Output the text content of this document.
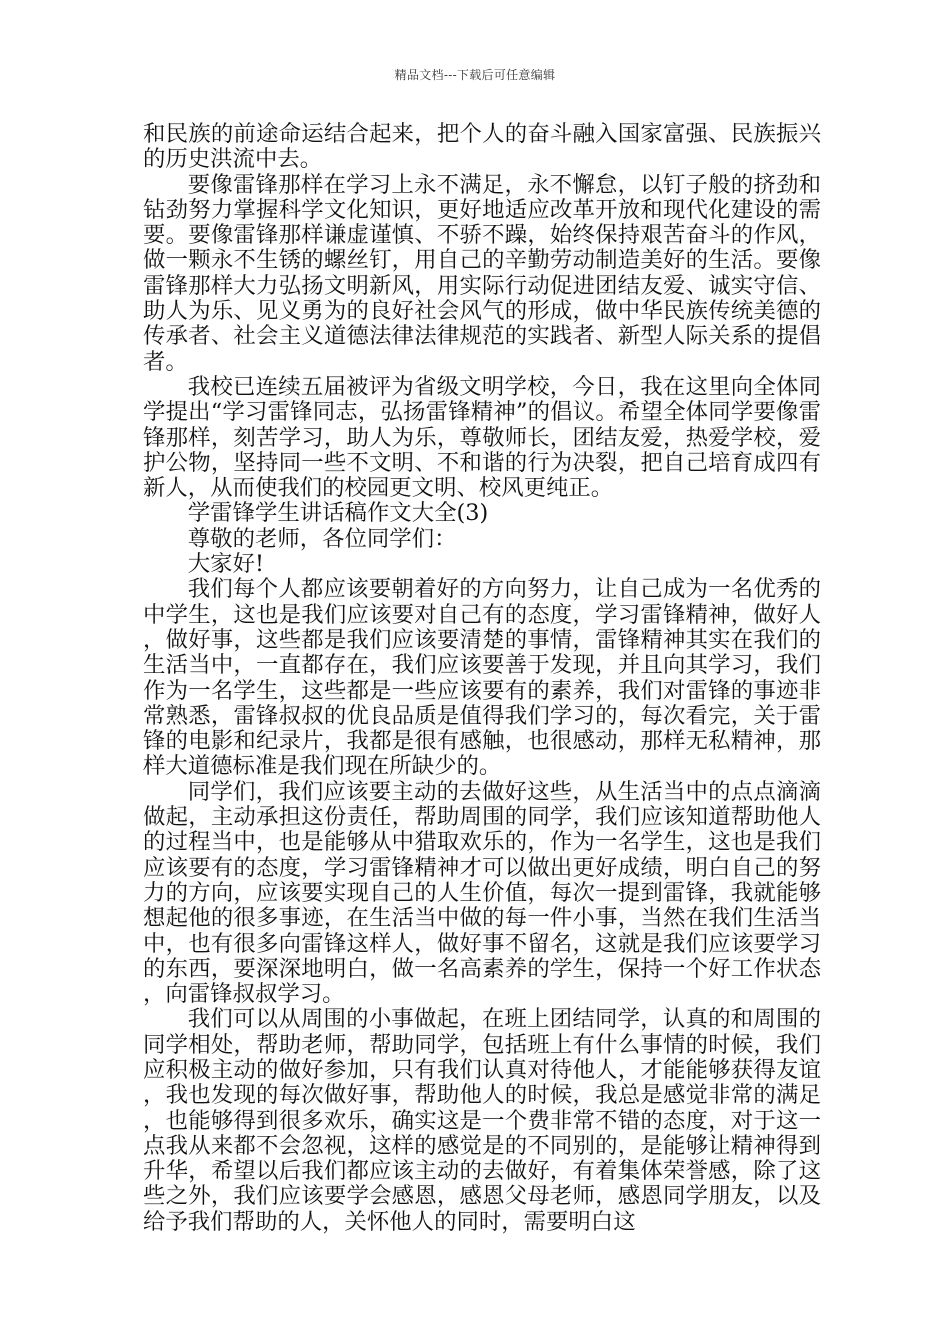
精品文档---下载后可任意编辑

和民族的前途命运结合起来，把个人的奋斗融入国家富强、民族振兴的历史洪流中去。

要像雷锋那样在学习上永不满足，永不懈怠，以钉子般的挤劲和钻劲努力掌握科学文化知识，更好地适应改革开放和现代化建设的需要。要像雷锋那样谦虚谨慎、不骄不躁，始终保持艰苦奋斗的作风，做一颗永不生锈的螺丝钉，用自己的辛勤劳动制造美好的生活。要像雷锋那样大力弘扬文明新风，用实际行动促进团结友爱、诚实守信、助人为乐、见义勇为的良好社会风气的形成，做中华民族传统美德的传承者、社会主义道德法律法律规范的实践者、新型人际关系的提倡者。

我校已连续五届被评为省级文明学校，今日，我在这里向全体同学提出“学习雷锋同志，弘扬雷锋精神”的倡议。希望全体同学要像雷锋那样，刻苦学习，助人为乐，尊敬师长，团结友爱，热爱学校，爱护公物，坚持同一些不文明、不和谐的行为决裂，把自己培育成四有新人，从而使我们的校园更文明、校风更纯正。

学雷锋学生讲话稿作文大全(3)

尊敬的老师，各位同学们：

大家好!

我们每个人都应该要朝着好的方向努力，让自己成为一名优秀的中学生，这也是我们应该要对自己有的态度，学习雷锋精神，做好人，做好事，这些都是我们应该要清楚的事情，雷锋精神其实在我们的生活当中，一直都存在，我们应该要善于发现，并且向其学习，我们作为一名学生，这些都是一些应该要有的素养，我们对雷锋的事迹非常熟悉，雷锋叔叔的优良品质是值得我们学习的，每次看完，关于雷锋的电影和纪录片，我都是很有感触，也很感动，那样无私精神，那样大道德标准是我们现在所缺少的。

同学们，我们应该要主动的去做好这些，从生活当中的点点滴滴做起，主动承担这份责任，帮助周围的同学，我们应该知道帮助他人的过程当中，也是能够从中猎取欢乐的，作为一名学生，这也是我们应该要有的态度，学习雷锋精神才可以做出更好成绩，明白自己的努力的方向，应该要实现自己的人生价值，每次一提到雷锋，我就能够想起他的很多事迹，在生活当中做的每一件小事，当然在我们生活当中，也有很多向雷锋这样人，做好事不留名，这就是我们应该要学习的东西，要深深地明白，做一名高素养的学生，保持一个好工作状态，向雷锋叔叔学习。

我们可以从周围的小事做起，在班上团结同学，认真的和周围的同学相处，帮助老师，帮助同学，包括班上有什么事情的时候，我们应积极主动的做好参加，只有我们认真对待他人，才能能够获得友谊，我也发现的每次做好事，帮助他人的时候，我总是感觉非常的满足，也能够得到很多欢乐，确实这是一个费非常不错的态度，对于这一点我从来都不会忽视，这样的感觉是的不同别的，是能够让精神得到升华，希望以后我们都应该主动的去做好，有着集体荣誉感，除了这些之外，我们应该要学会感恩，感恩父母老师，感恩同学朋友，以及给予我们帮助的人，关怀他人的同时，需要明白这
